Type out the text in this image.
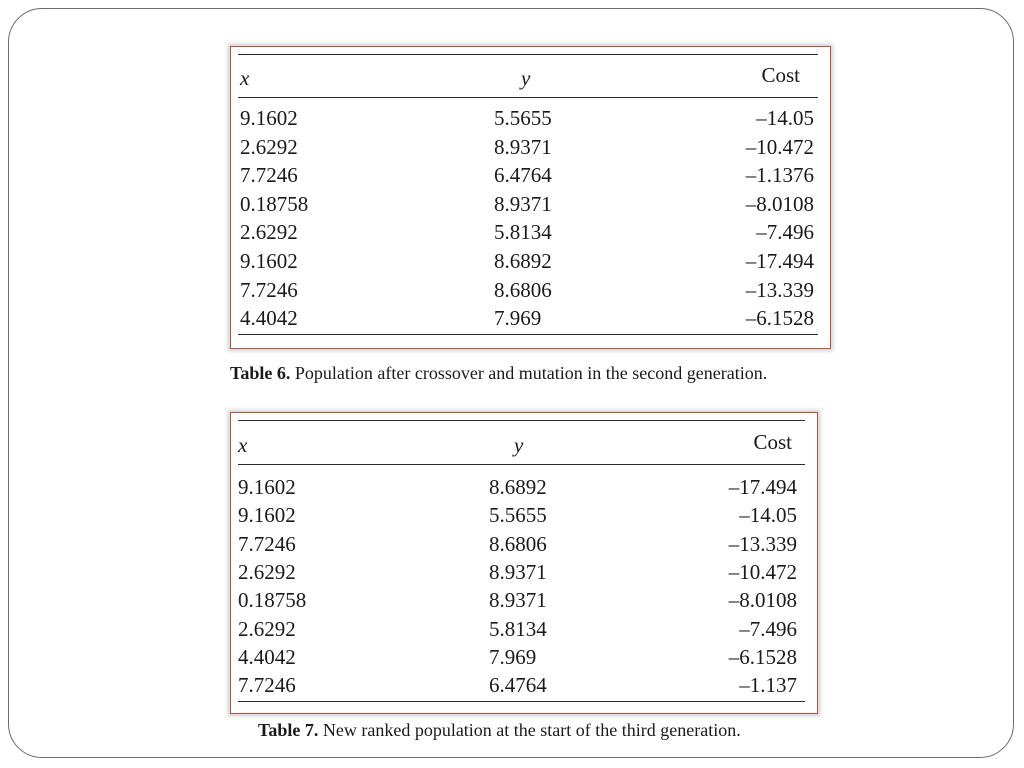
x	y	Cost
9.1602	5.5655	–14.05
2.6292	8.9371	–10.472
7.7246	6.4764	–1.1376
0.18758	8.9371	–8.0108
2.6292	5.8134	–7.496
9.1602	8.6892	–17.494
7.7246	8.6806	–13.339
4.4042	7.969	–6.1528
Table 6. Population after crossover and mutation in the second generation.
x	y	Cost
9.1602	8.6892	–17.494
9.1602	5.5655	–14.05
7.7246	8.6806	–13.339
2.6292	8.9371	–10.472
0.18758	8.9371	–8.0108
2.6292	5.8134	–7.496
4.4042	7.969	–6.1528
7.7246	6.4764	–1.137
Table 7. New ranked population at the start of the third generation.
